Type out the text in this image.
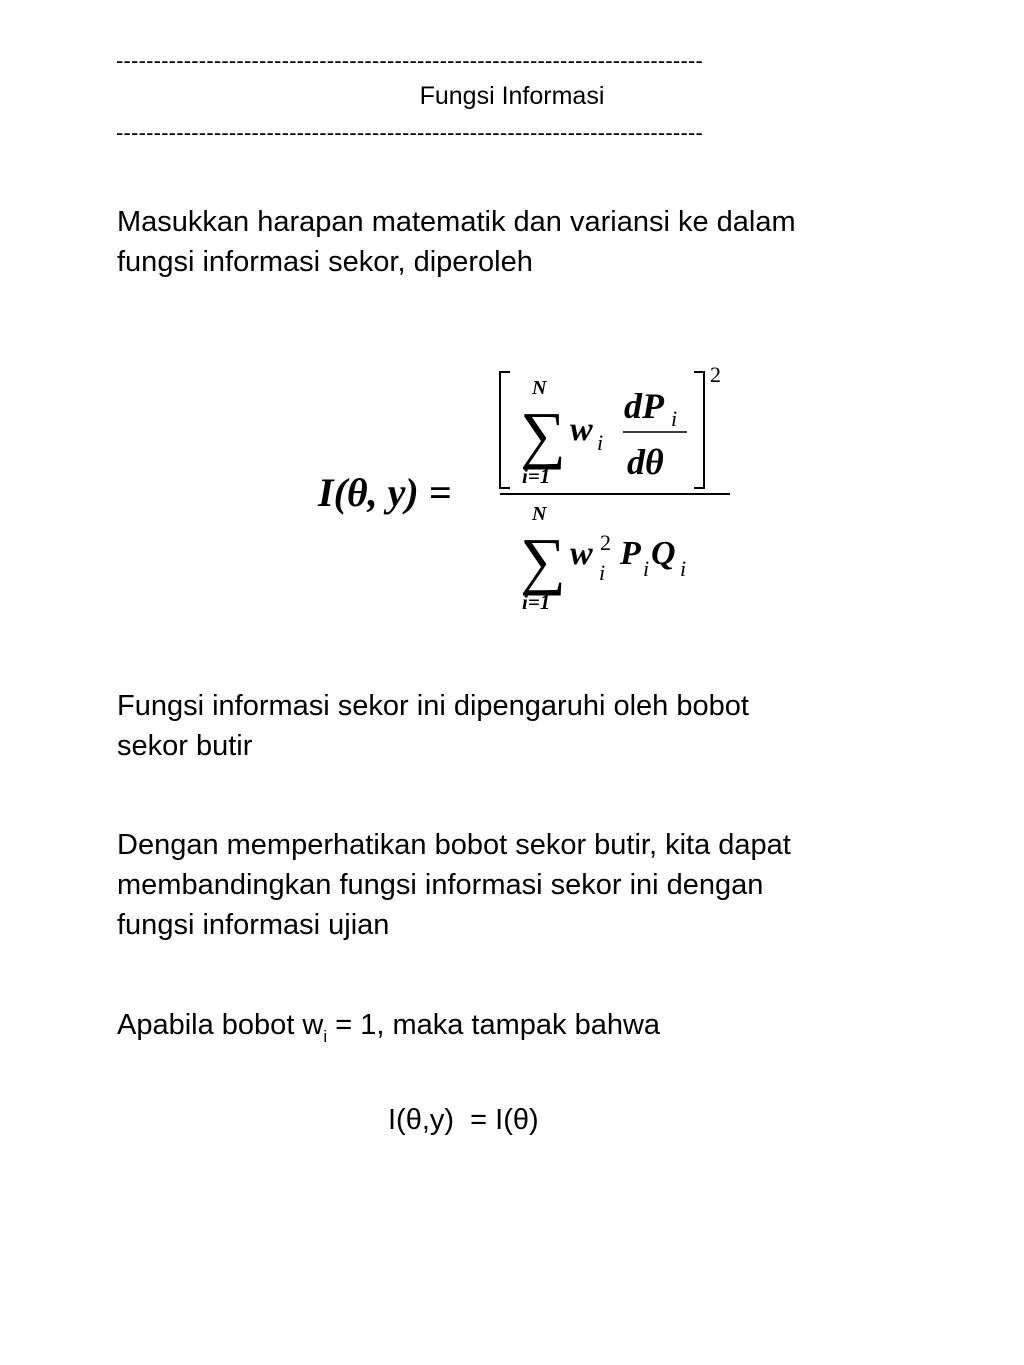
------------------------------------------------------------------------------
Fungsi Informasi
------------------------------------------------------------------------------
Masukkan harapan matematik dan variansi ke dalam
fungsi informasi sekor, diperoleh
I(θ, y) =
N
∑
i=1
w i
dP i
dθ
2
N
∑
i=1
w 2
i
P i Q i
Fungsi informasi sekor ini dipengaruhi oleh bobot
sekor butir
Dengan memperhatikan bobot sekor butir, kita dapat
membandingkan fungsi informasi sekor ini dengan
fungsi informasi ujian
Apabila bobot $w_i = 1$, maka tampak bahwa
I(θ,y)  = I(θ)
